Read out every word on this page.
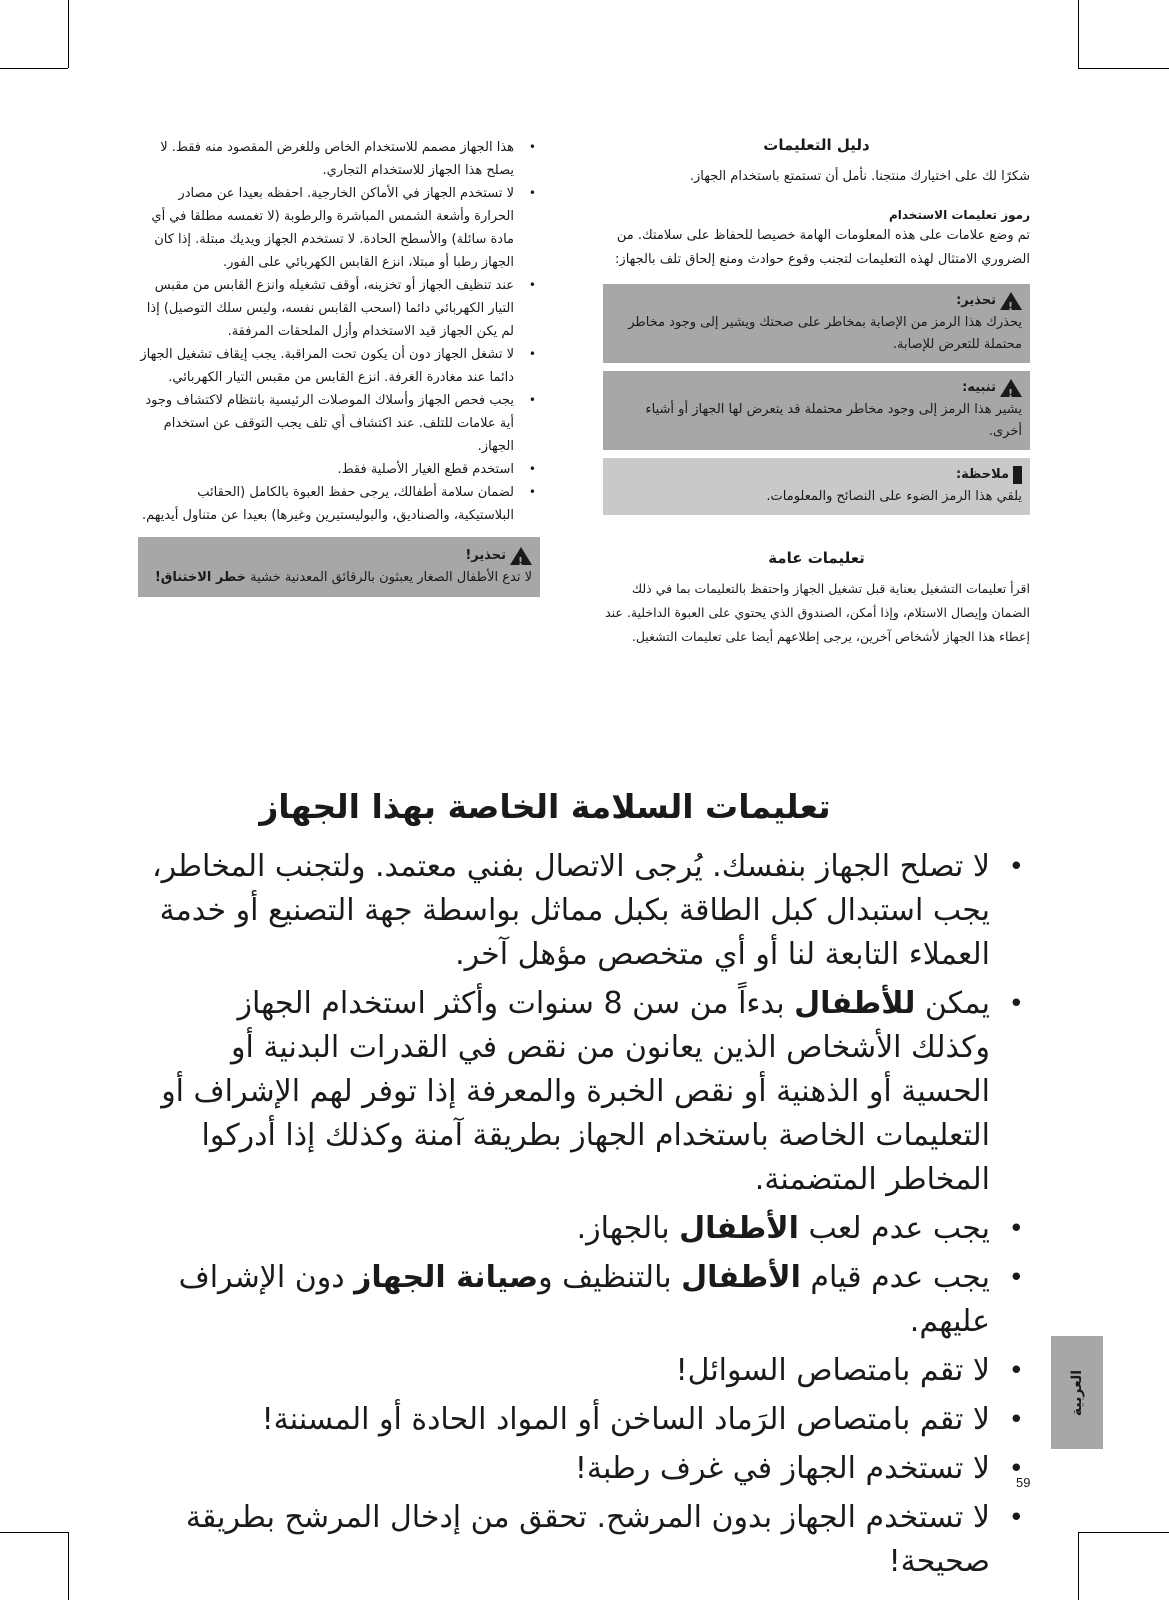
دليل التعليمات

شكرًا لك على اختيارك منتجنا. نأمل أن تستمتع باستخدام الجهاز.

رموز تعليمات الاستخدام

تم وضع علامات على هذه المعلومات الهامة خصيصا للحفاظ على سلامتك. من الضروري الامتثال لهذه التعليمات لتجنب وقوع حوادث ومنع إلحاق تلف بالجهاز:

!
تحذير:
يحذرك هذا الرمز من الإصابة بمخاطر على صحتك ويشير إلى وجود مخاطر محتملة للتعرض للإصابة.
!
تنبيه:
يشير هذا الرمز إلى وجود مخاطر محتملة قد يتعرض لها الجهاز أو أشياء أخرى.
ملاحظة:
يلقي هذا الرمز الضوء على النصائح والمعلومات.
تعليمات عامة

اقرأ تعليمات التشغيل بعناية قبل تشغيل الجهاز واحتفظ بالتعليمات بما في ذلك الضمان وإيصال الاستلام، وإذا أمكن، الصندوق الذي يحتوي على العبوة الداخلية. عند إعطاء هذا الجهاز لأشخاص آخرين، يرجى إطلاعهم أيضا على تعليمات التشغيل.

• هذا الجهاز مصمم للاستخدام الخاص وللغرض المقصود منه فقط. لا يصلح هذا الجهاز للاستخدام التجاري.
• لا تستخدم الجهاز في الأماكن الخارجية. احفظه بعيدا عن مصادر الحرارة وأشعة الشمس المباشرة والرطوبة (لا تغمسه مطلقا في أي مادة سائلة) والأسطح الحادة. لا تستخدم الجهاز ويديك مبتلة. إذا كان الجهاز رطبا أو مبتلا، انزع القابس الكهربائي على الفور.
• عند تنظيف الجهاز أو تخزينه، أوقف تشغيله وانزع القابس من مقبس التيار الكهربائي دائما (اسحب القابس نفسه، وليس سلك التوصيل) إذا لم يكن الجهاز قيد الاستخدام وأزل الملحقات المرفقة.
• لا تشغل الجهاز دون أن يكون تحت المراقبة. يجب إيقاف تشغيل الجهاز دائما عند مغادرة الغرفة. انزع القابس من مقبس التيار الكهربائي.
• يجب فحص الجهاز وأسلاك الموصلات الرئيسية بانتظام لاكتشاف وجود أية علامات للتلف. عند اكتشاف أي تلف يجب التوقف عن استخدام الجهاز.
• استخدم قطع الغيار الأصلية فقط.
• لضمان سلامة أطفالك، يرجى حفظ العبوة بالكامل (الحقائب البلاستيكية، والصناديق، والبوليستيرين وغيرها) بعيدا عن متناول أيديهم.
!
تحذير!
لا تدع الأطفال الصغار يعبثون بالرقائق المعدنية خشية خطر الاختناق!
تعليمات السلامة الخاصة بهذا الجهاز
• لا تصلح الجهاز بنفسك. يُرجى الاتصال بفني معتمد. ولتجنب المخاطر، يجب استبدال كبل الطاقة بكبل مماثل بواسطة جهة التصنيع أو خدمة العملاء التابعة لنا أو أي متخصص مؤهل آخر.
• يمكن للأطفال بدءاً من سن 8 سنوات وأكثر استخدام الجهاز وكذلك الأشخاص الذين يعانون من نقص في القدرات البدنية أو الحسية أو الذهنية أو نقص الخبرة والمعرفة إذا توفر لهم الإشراف أو التعليمات الخاصة باستخدام الجهاز بطريقة آمنة وكذلك إذا أدركوا المخاطر المتضمنة.
• يجب عدم لعب الأطفال بالجهاز.
• يجب عدم قيام الأطفال بالتنظيف وصيانة الجهاز دون الإشراف عليهم.
• لا تقم بامتصاص السوائل!
• لا تقم بامتصاص الرَماد الساخن أو المواد الحادة أو المسننة!
• لا تستخدم الجهاز في غرف رطبة!
• لا تستخدم الجهاز بدون المرشح. تحقق من إدخال المرشح بطريقة صحيحة!
العربية
59
